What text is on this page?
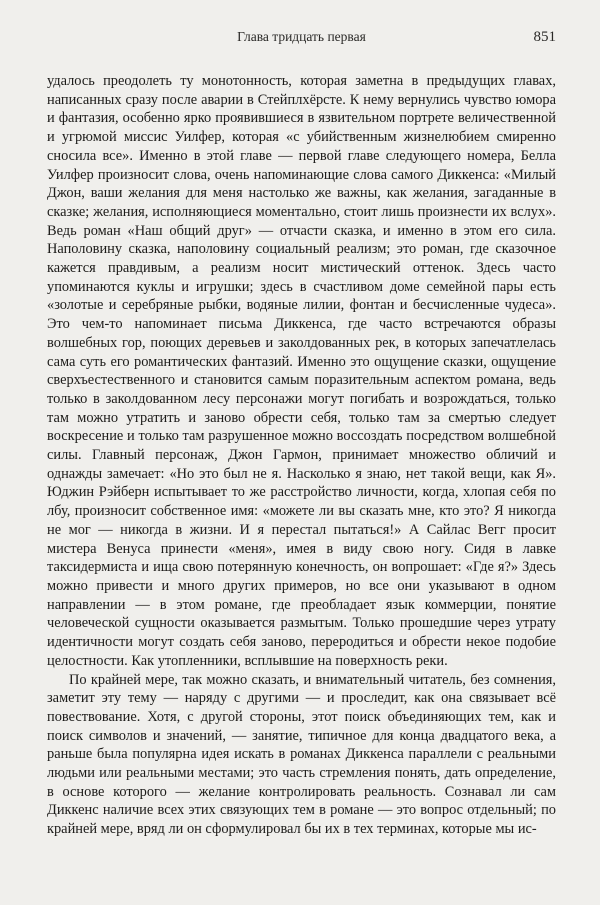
Глава тридцать первая	851

удалось преодолеть ту монотонность, которая заметна в предыдущих главах, написанных сразу после аварии в Стейплхёрсте. К нему вернулись чувство юмора и фантазия, особенно ярко проявившиеся в язвительном портрете величественной и угрюмой миссис Уилфер, которая «с убийственным жизнелюбием смиренно сносила все». Именно в этой главе — первой главе следующего номера, Белла Уилфер произносит слова, очень напоминающие слова самого Диккенса: «Милый Джон, ваши желания для меня настолько же важны, как желания, загаданные в сказке; желания, исполняющиеся моментально, стоит лишь произнести их вслух». Ведь роман «Наш общий друг» — отчасти сказка, и именно в этом его сила. Наполовину сказка, наполовину социальный реализм; это роман, где сказочное кажется правдивым, а реализм носит мистический оттенок. Здесь часто упоминаются куклы и игрушки; здесь в счастливом доме семейной пары есть «золотые и серебряные рыбки, водяные лилии, фонтан и бесчисленные чудеса». Это чем-то напоминает письма Диккенса, где часто встречаются образы волшебных гор, поющих деревьев и заколдованных рек, в которых запечатлелась сама суть его романтических фантазий. Именно это ощущение сказки, ощущение сверхъестественного и становится самым поразительным аспектом романа, ведь только в заколдованном лесу персонажи могут погибать и возрождаться, только там можно утратить и заново обрести себя, только там за смертью следует воскресение и только там разрушенное можно воссоздать посредством волшебной силы. Главный персонаж, Джон Гармон, принимает множество обличий и однажды замечает: «Но это был не я. Насколько я знаю, нет такой вещи, как Я». Юджин Рэйберн испытывает то же расстройство личности, когда, хлопая себя по лбу, произносит собственное имя: «можете ли вы сказать мне, кто это? Я никогда не мог — никогда в жизни. И я перестал пытаться!» А Сайлас Вегг просит мистера Венуса принести «меня», имея в виду свою ногу. Сидя в лавке таксидермиста и ища свою потерянную конечность, он вопрошает: «Где я?» Здесь можно привести и много других примеров, но все они указывают в одном направлении — в этом романе, где преобладает язык коммерции, понятие человеческой сущности оказывается размытым. Только прошедшие через утрату идентичности могут создать себя заново, переродиться и обрести некое подобие целостности. Как утопленники, всплывшие на поверхность реки.

По крайней мере, так можно сказать, и внимательный читатель, без сомнения, заметит эту тему — наряду с другими — и проследит, как она связывает всё повествование. Хотя, с другой стороны, этот поиск объединяющих тем, как и поиск символов и значений, — занятие, типичное для конца двадцатого века, а раньше была популярна идея искать в романах Диккенса параллели с реальными людьми или реальными местами; это часть стремления понять, дать определение, в основе которого — желание контролировать реальность. Сознавал ли сам Диккенс наличие всех этих связующих тем в романе — это вопрос отдельный; по крайней мере, вряд ли он сформулировал бы их в тех терминах, которые мы ис-
